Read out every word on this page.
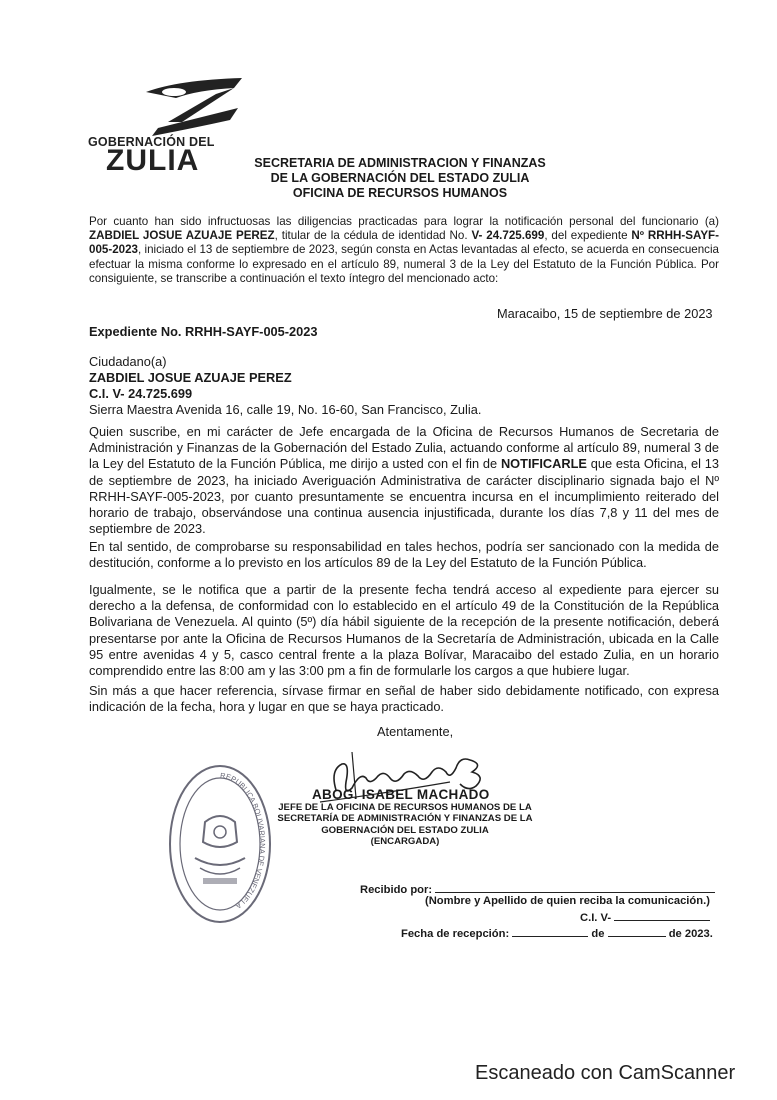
GOBERNACIÓN DEL
ZULIA	SECRETARIA DE ADMINISTRACION Y FINANZAS
DE LA GOBERNACIÓN DEL ESTADO ZULIA
OFICINA DE RECURSOS HUMANOS
Por cuanto han sido infructuosas las diligencias practicadas para lograr la notificación personal del funcionario (a) ZABDIEL JOSUE AZUAJE PEREZ, titular de la cédula de identidad No. V- 24.725.699, del expediente Nº RRHH-SAYF-005-2023, iniciado el 13 de septiembre de 2023, según consta en Actas levantadas al efecto, se acuerda en consecuencia efectuar la misma conforme lo expresado en el artículo 89, numeral 3 de la Ley del Estatuto de la Función Pública. Por consiguiente, se transcribe a continuación el texto íntegro del mencionado acto:
Maracaibo, 15 de septiembre de 2023
Expediente No. RRHH-SAYF-005-2023
Ciudadano(a)
ZABDIEL JOSUE AZUAJE PEREZ
C.I. V- 24.725.699
Sierra Maestra Avenida 16, calle 19, No. 16-60, San Francisco, Zulia.
Quien suscribe, en mi carácter de Jefe encargada de la Oficina de Recursos Humanos de Secretaria de Administración y Finanzas de la Gobernación del Estado Zulia, actuando conforme al artículo 89, numeral 3 de la Ley del Estatuto de la Función Pública, me dirijo a usted con el fin de NOTIFICARLE que esta Oficina, el 13 de septiembre de 2023, ha iniciado Averiguación Administrativa de carácter disciplinario signada bajo el Nº RRHH-SAYF-005-2023, por cuanto presuntamente se encuentra incursa en el incumplimiento reiterado del horario de trabajo, observándose una continua ausencia injustificada, durante los días 7,8 y 11 del mes de septiembre de 2023.
En tal sentido, de comprobarse su responsabilidad en tales hechos, podría ser sancionado con la medida de destitución, conforme a lo previsto en los artículos 89 de la Ley del Estatuto de la Función Pública.
Igualmente, se le notifica que a partir de la presente fecha tendrá acceso al expediente para ejercer su derecho a la defensa, de conformidad con lo establecido en el artículo 49 de la Constitución de la República Bolivariana de Venezuela. Al quinto (5º) día hábil siguiente de la recepción de la presente notificación, deberá presentarse por ante la Oficina de Recursos Humanos de la Secretaría de Administración, ubicada en la Calle 95 entre avenidas 4 y 5, casco central frente a la plaza Bolívar, Maracaibo del estado Zulia, en un horario comprendido entre las 8:00 am y las 3:00 pm a fin de formularle los cargos a que hubiere lugar.
Sin más a que hacer referencia, sírvase firmar en señal de haber sido debidamente notificado, con expresa indicación de la fecha, hora y lugar en que se haya practicado.
Atentamente,
REPUBLICA BOLIVARIANA DE VENEZUELA
ABOG. ISABEL MACHADO
JEFE DE LA OFICINA DE RECURSOS HUMANOS DE LA
SECRETARÍA DE ADMINISTRACIÓN Y FINANZAS DE LA
GOBERNACIÓN DEL ESTADO ZULIA
(ENCARGADA)
Recibido por:
(Nombre y Apellido de quien reciba la comunicación.)
C.I. V-
Fecha de recepción:	de	de 2023.
Escaneado con CamScanner
